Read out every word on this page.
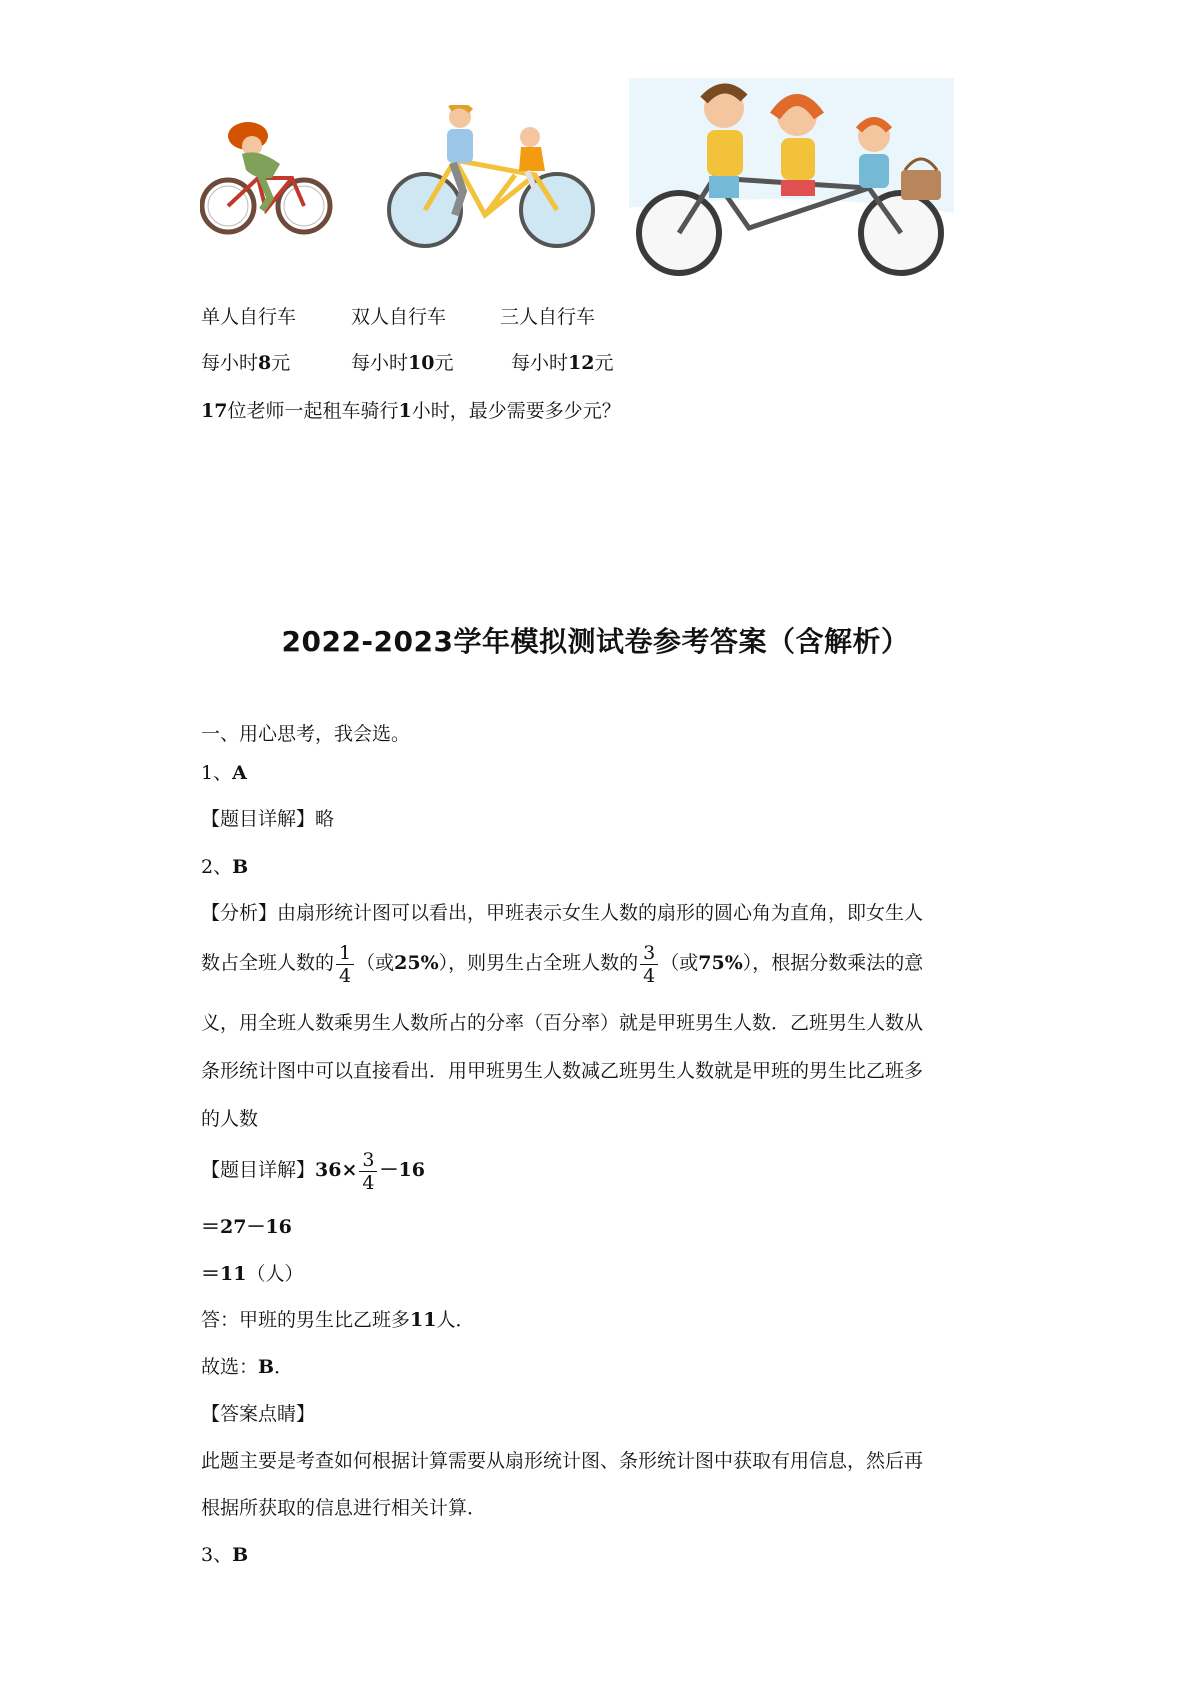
单人自行车	双人自行车	三人自行车
每小时8元	每小时10元	每小时12元
17位老师一起租车骑行1小时，最少需要多少元？
2022-2023学年模拟测试卷参考答案（含解析）
一、用心思考，我会选。
1、A
【题目详解】略
2、B
【分析】由扇形统计图可以看出，甲班表示女生人数的扇形的圆心角为直角，即女生人
数占全班人数的 $\frac{1}{4}$ （或25%），则男生占全班人数的 $\frac{3}{4}$ （或75%），根据分数乘法的意
义，用全班人数乘男生人数所占的分率（百分率）就是甲班男生人数．乙班男生人数从
条形统计图中可以直接看出．用甲班男生人数减乙班男生人数就是甲班的男生比乙班多
的人数
【题目详解】$36\times \frac{3}{4} -16$
＝27－16
＝11（人）
答：甲班的男生比乙班多11人．
故选：B．
【答案点睛】
此题主要是考查如何根据计算需要从扇形统计图、条形统计图中获取有用信息，然后再
根据所获取的信息进行相关计算．
3、B
